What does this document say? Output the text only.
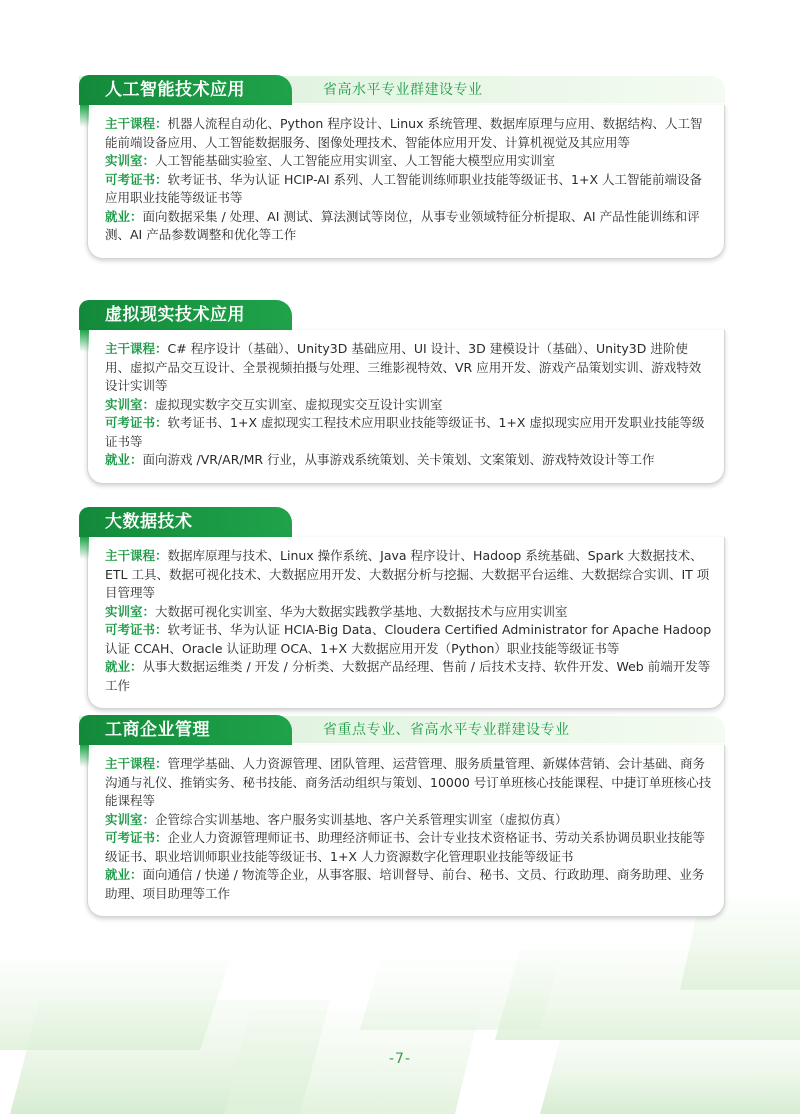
人工智能技术应用	省高水平专业群建设专业

主干课程：机器人流程自动化、Python 程序设计、Linux 系统管理、数据库原理与应用、数据结构、人工智能前端设备应用、人工智能数据服务、图像处理技术、智能体应用开发、计算机视觉及其应用等

实训室：人工智能基础实验室、人工智能应用实训室、人工智能大模型应用实训室

可考证书：软考证书、华为认证 HCIP-AI 系列、人工智能训练师职业技能等级证书、1+X 人工智能前端设备应用职业技能等级证书等

就业：面向数据采集 / 处理、AI 测试、算法测试等岗位，从事专业领域特征分析提取、AI 产品性能训练和评测、AI 产品参数调整和优化等工作

虚拟现实技术应用

主干课程：C# 程序设计（基础）、Unity3D 基础应用、UI 设计、3D 建模设计（基础）、Unity3D 进阶使用、虚拟产品交互设计、全景视频拍摄与处理、三维影视特效、VR 应用开发、游戏产品策划实训、游戏特效设计实训等

实训室：虚拟现实数字交互实训室、虚拟现实交互设计实训室

可考证书：软考证书、1+X 虚拟现实工程技术应用职业技能等级证书、1+X 虚拟现实应用开发职业技能等级证书等

就业：面向游戏 /VR/AR/MR 行业，从事游戏系统策划、关卡策划、文案策划、游戏特效设计等工作

大数据技术

主干课程：数据库原理与技术、Linux 操作系统、Java 程序设计、Hadoop 系统基础、Spark 大数据技术、ETL 工具、数据可视化技术、大数据应用开发、大数据分析与挖掘、大数据平台运维、大数据综合实训、IT 项目管理等

实训室：大数据可视化实训室、华为大数据实践教学基地、大数据技术与应用实训室

可考证书：软考证书、华为认证 HCIA-Big Data、Cloudera Certified Administrator for Apache Hadoop 认证 CCAH、Oracle 认证助理 OCA、1+X 大数据应用开发（Python）职业技能等级证书等

就业：从事大数据运维类 / 开发 / 分析类、大数据产品经理、售前 / 后技术支持、软件开发、Web 前端开发等工作

工商企业管理	省重点专业、省高水平专业群建设专业

主干课程：管理学基础、人力资源管理、团队管理、运营管理、服务质量管理、新媒体营销、会计基础、商务沟通与礼仪、推销实务、秘书技能、商务活动组织与策划、10000 号订单班核心技能课程、中捷订单班核心技能课程等

实训室：企管综合实训基地、客户服务实训基地、客户关系管理实训室（虚拟仿真）

可考证书：企业人力资源管理师证书、助理经济师证书、会计专业技术资格证书、劳动关系协调员职业技能等级证书、职业培训师职业技能等级证书、1+X 人力资源数字化管理职业技能等级证书

就业：面向通信 / 快递 / 物流等企业，从事客服、培训督导、前台、秘书、文员、行政助理、商务助理、业务助理、项目助理等工作

-7-
